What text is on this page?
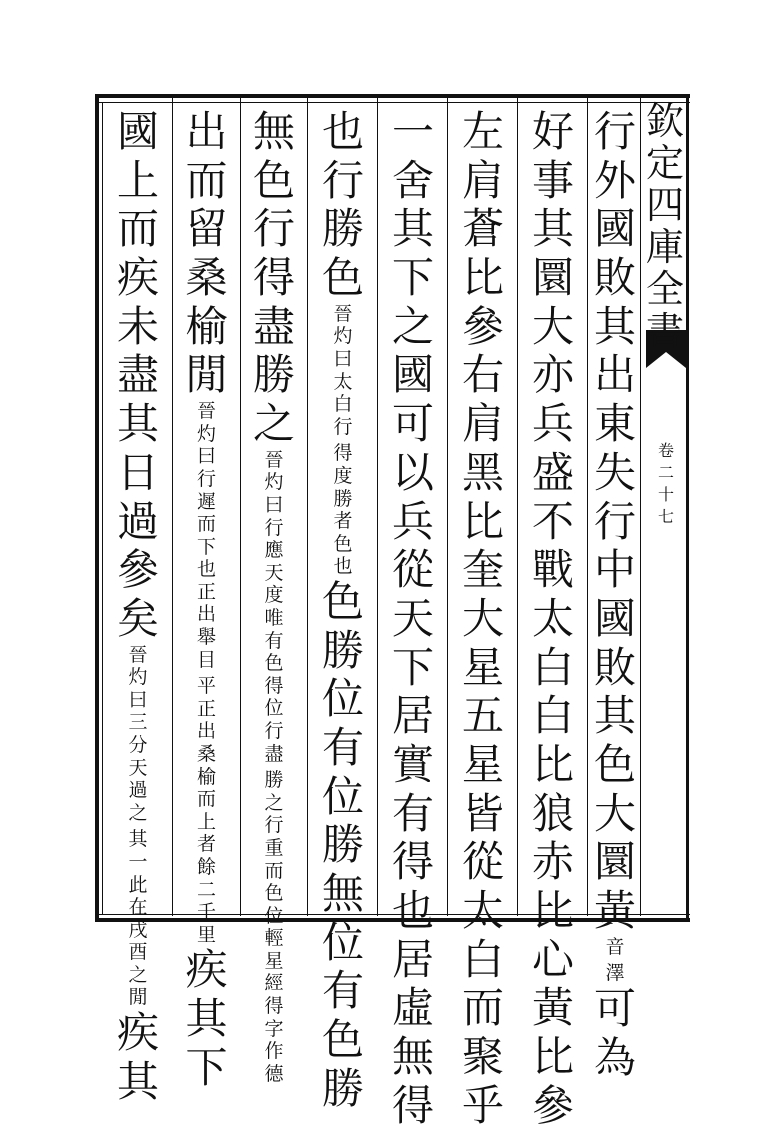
欽
定
四
庫
全
書
卷
二
十
七
行
外
國
敗
其
出
東
失
行
中
國
敗
其
色
大
圜
黃
音
澤
可
為
好
事
其
圜
大
亦
兵
盛
不
戰
太
白
白
比
狼
赤
比
心
黃
比
參
左
肩
蒼
比
參
右
肩
黑
比
奎
大
星
五
星
皆
從
太
白
而
聚
乎
一
舍
其
下
之
國
可
以
兵
從
天
下
居
實
有
得
也
居
虛
無
得
也
行
勝
色
晉
灼
曰
太
白
行
得
度
勝
者
色
也
色
勝
位
有
位
勝
無
位
有
色
勝
無
色
行
得
盡
勝
之
晉
灼
曰
行
應
天
度
唯
有
色
得
位
行
盡
勝
之
行
重
而
色
位
輕
星
經
得
字
作
德
出
而
留
桑
榆
閒
晉
灼
曰
行
遲
而
下
也
正
出
舉
目
平
正
出
桑
榆
而
上
者
餘
二
千
里
疾
其
下
國
上
而
疾
未
盡
其
日
過
參
矣
晉
灼
曰
三
分
天
過
之
其
一
此
在
戌
酉
之
閒
疾
其
